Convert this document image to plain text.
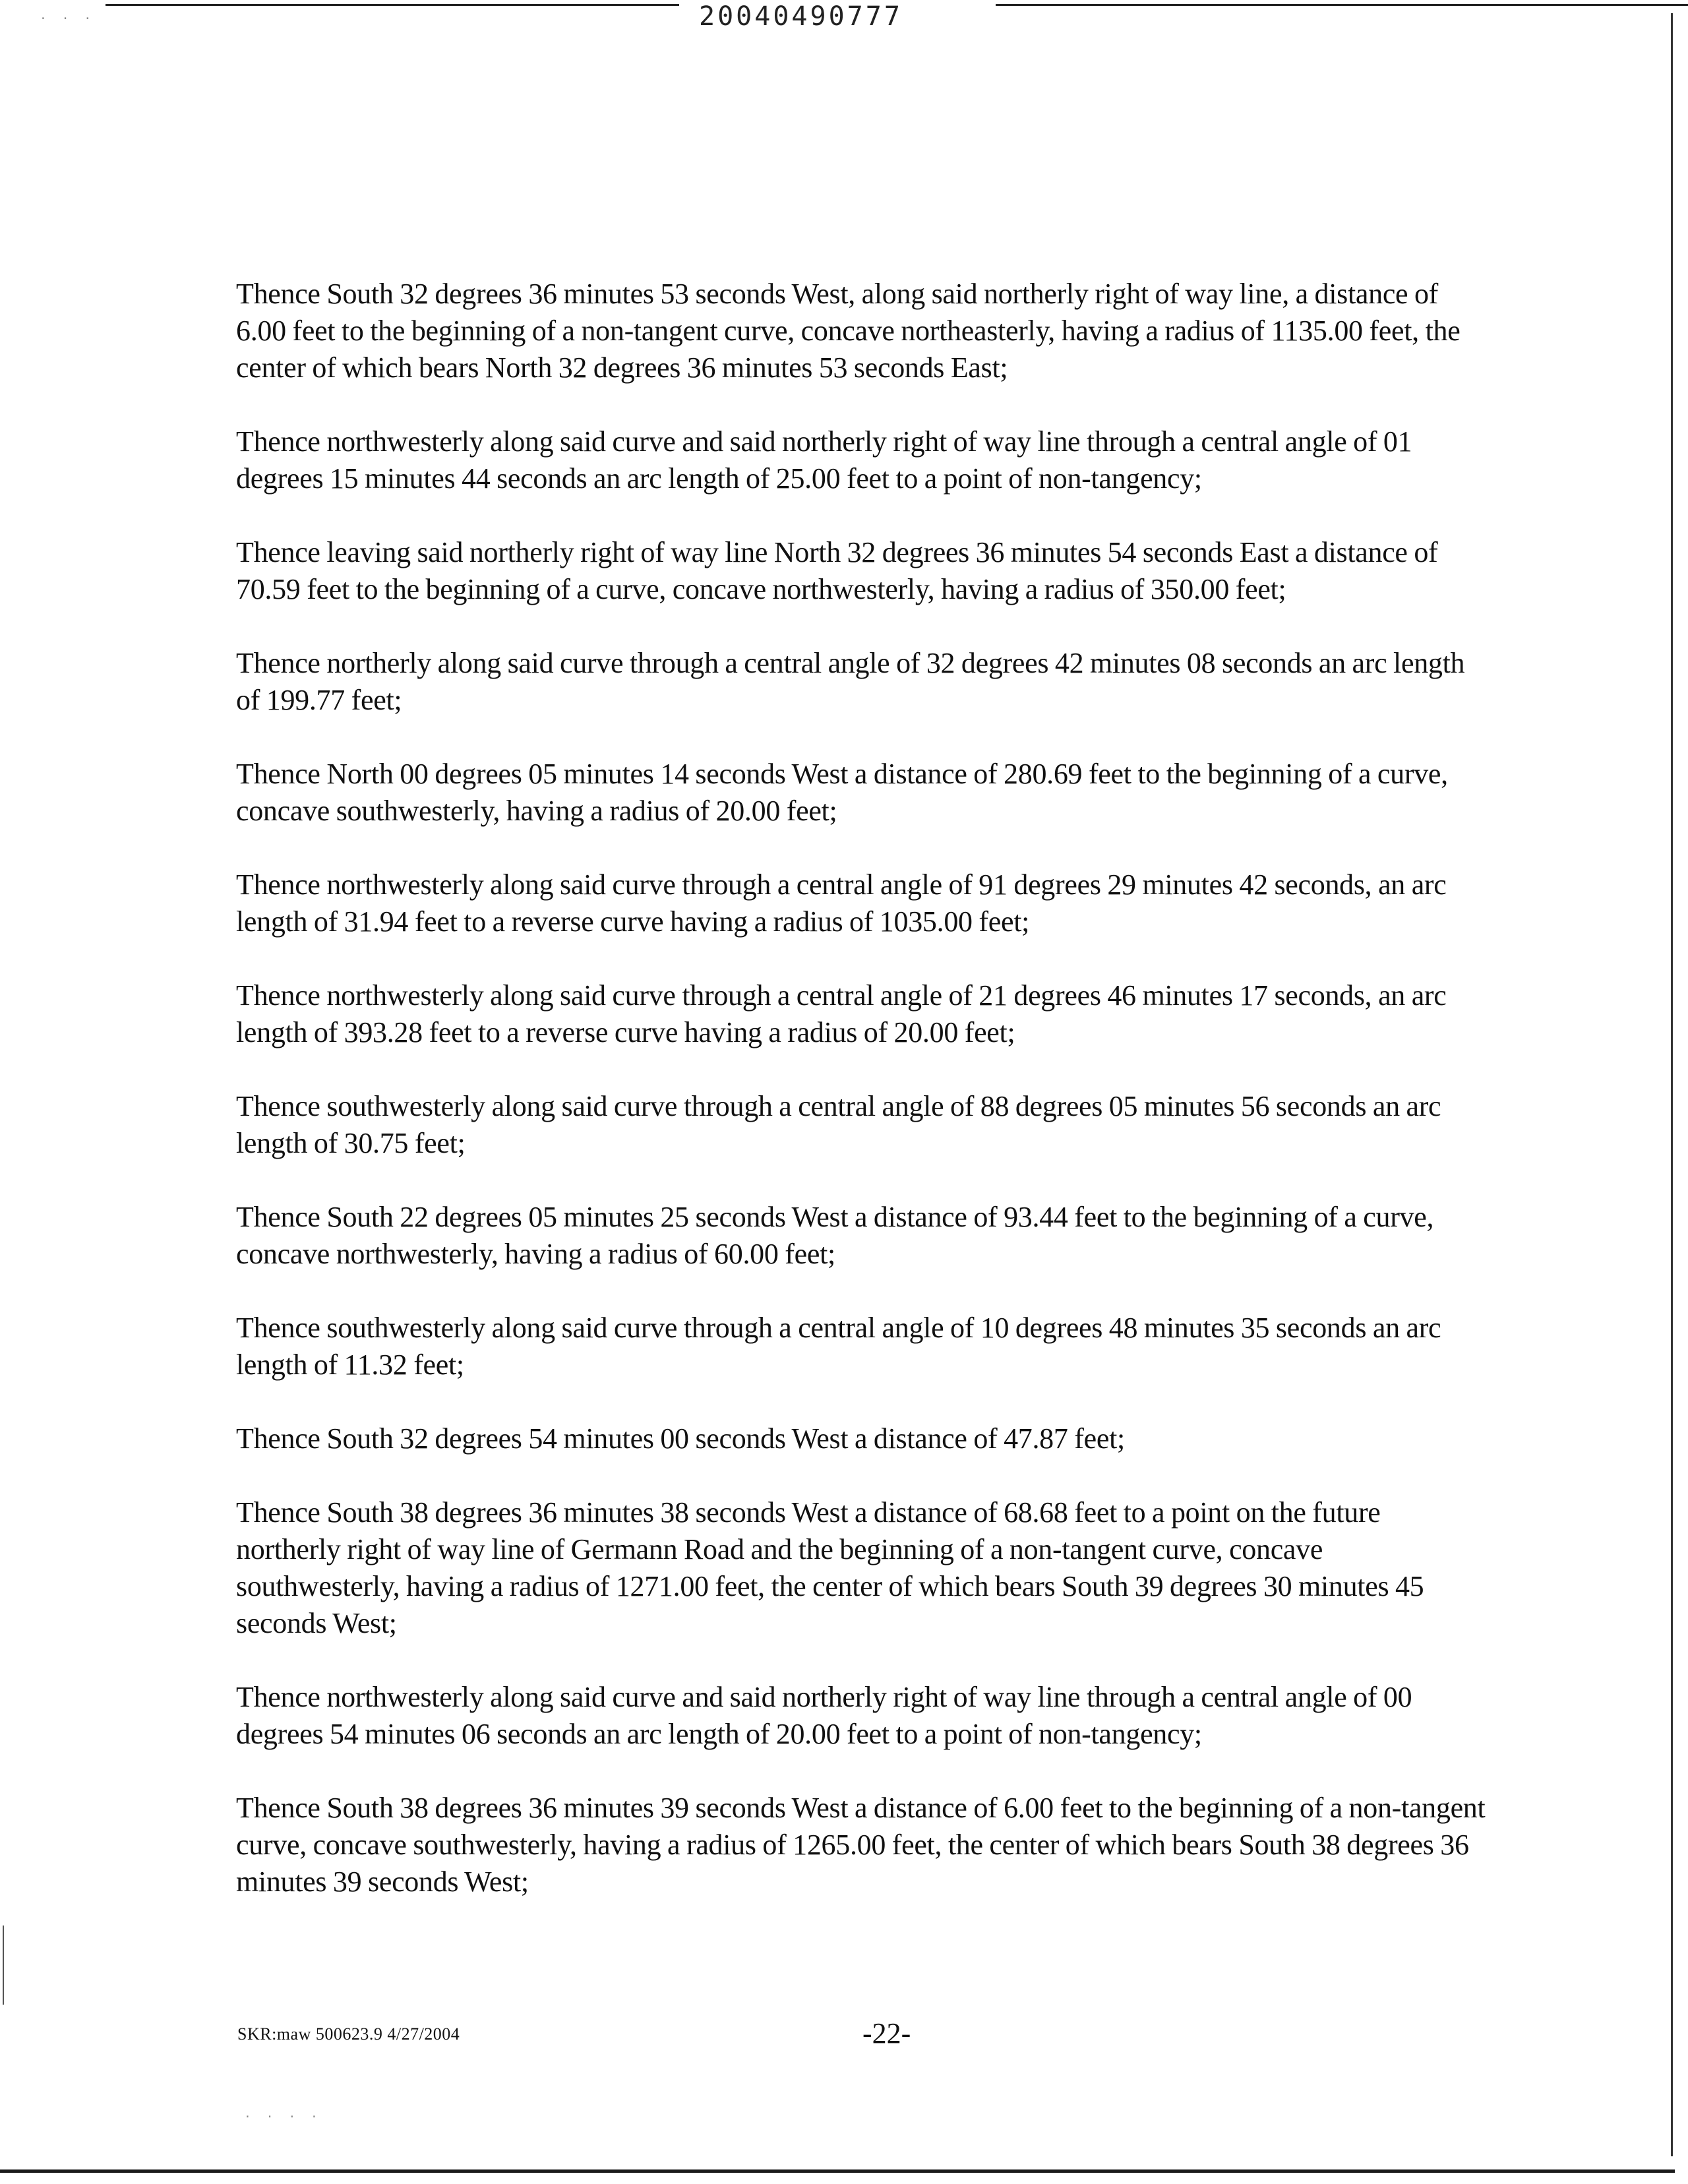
· · ·
· · · ·
20040490777

Thence South 32 degrees 36 minutes 53 seconds West, along said northerly right of way line, a distance of 6.00 feet to the beginning of a non-tangent curve, concave northeasterly, having a radius of 1135.00 feet, the center of which bears North 32 degrees 36 minutes 53 seconds East;

Thence northwesterly along said curve and said northerly right of way line through a central angle of 01 degrees 15 minutes 44 seconds an arc length of 25.00 feet to a point of non-tangency;

Thence leaving said northerly right of way line North 32 degrees 36 minutes 54 seconds East a distance of 70.59 feet to the beginning of a curve, concave northwesterly, having a radius of 350.00 feet;

Thence northerly along said curve through a central angle of 32 degrees 42 minutes 08 seconds an arc length of 199.77 feet;

Thence North 00 degrees 05 minutes 14 seconds West a distance of 280.69 feet to the beginning of a curve, concave southwesterly, having a radius of 20.00 feet;

Thence northwesterly along said curve through a central angle of 91 degrees 29 minutes 42 seconds, an arc length of 31.94 feet to a reverse curve having a radius of 1035.00 feet;

Thence northwesterly along said curve through a central angle of 21 degrees 46 minutes 17 seconds, an arc length of 393.28 feet to a reverse curve having a radius of 20.00 feet;

Thence southwesterly along said curve through a central angle of 88 degrees 05 minutes 56 seconds an arc length of 30.75 feet;

Thence South 22 degrees 05 minutes 25 seconds West a distance of 93.44 feet to the beginning of a curve, concave northwesterly, having a radius of 60.00 feet;

Thence southwesterly along said curve through a central angle of 10 degrees 48 minutes 35 seconds an arc length of 11.32 feet;

Thence South 32 degrees 54 minutes 00 seconds West a distance of 47.87 feet;

Thence South 38 degrees 36 minutes 38 seconds West a distance of 68.68 feet to a point on the future northerly right of way line of Germann Road and the beginning of a non-tangent curve, concave southwesterly, having a radius of 1271.00 feet, the center of which bears South 39 degrees 30 minutes 45 seconds West;

Thence northwesterly along said curve and said northerly right of way line through a central angle of 00 degrees 54 minutes 06 seconds an arc length of 20.00 feet to a point of non-tangency;

Thence South 38 degrees 36 minutes 39 seconds West a distance of 6.00 feet to the beginning of a non-tangent curve, concave southwesterly, having a radius of 1265.00 feet, the center of which bears South 38 degrees 36 minutes 39 seconds West;

SKR:maw 500623.9 4/27/2004	-22-
